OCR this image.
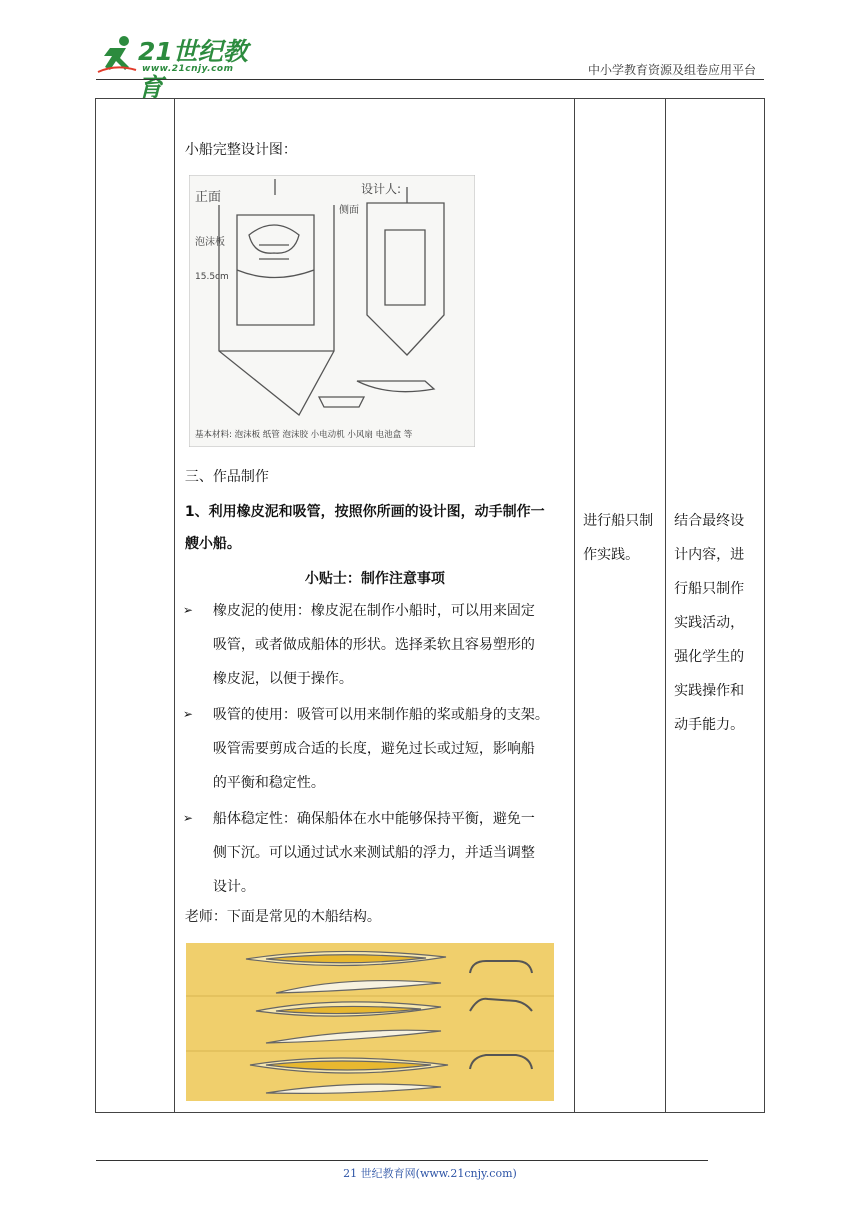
21世纪教育
www.21cnjy.com	中小学教育资源及组卷应用平台

小船完整设计图：
正面
设计人:
侧面
泡沫板
15.5cm
基本材料: 泡沫板 纸管 泡沫胶 小电动机 小风扇 电池盒 等
三、作品制作
1、利用橡皮泥和吸管，按照你所画的设计图，动手制作一
艘小船。
小贴士：制作注意事项
➢ 橡皮泥的使用：橡皮泥在制作小船时，可以用来固定
吸管，或者做成船体的形状。选择柔软且容易塑形的
橡皮泥，以便于操作。
➢ 吸管的使用：吸管可以用来制作船的桨或船身的支架。
吸管需要剪成合适的长度，避免过长或过短，影响船
的平衡和稳定性。
➢ 船体稳定性：确保船体在水中能够保持平衡，避免一
侧下沉。可以通过试水来测试船的浮力，并适当调整
设计。
老师：下面是常见的木船结构。

进行船只制
作实践。

结合最终设
计内容，进
行船只制作
实践活动，
强化学生的
实践操作和
动手能力。
21 世纪教育网(www.21cnjy.com)
